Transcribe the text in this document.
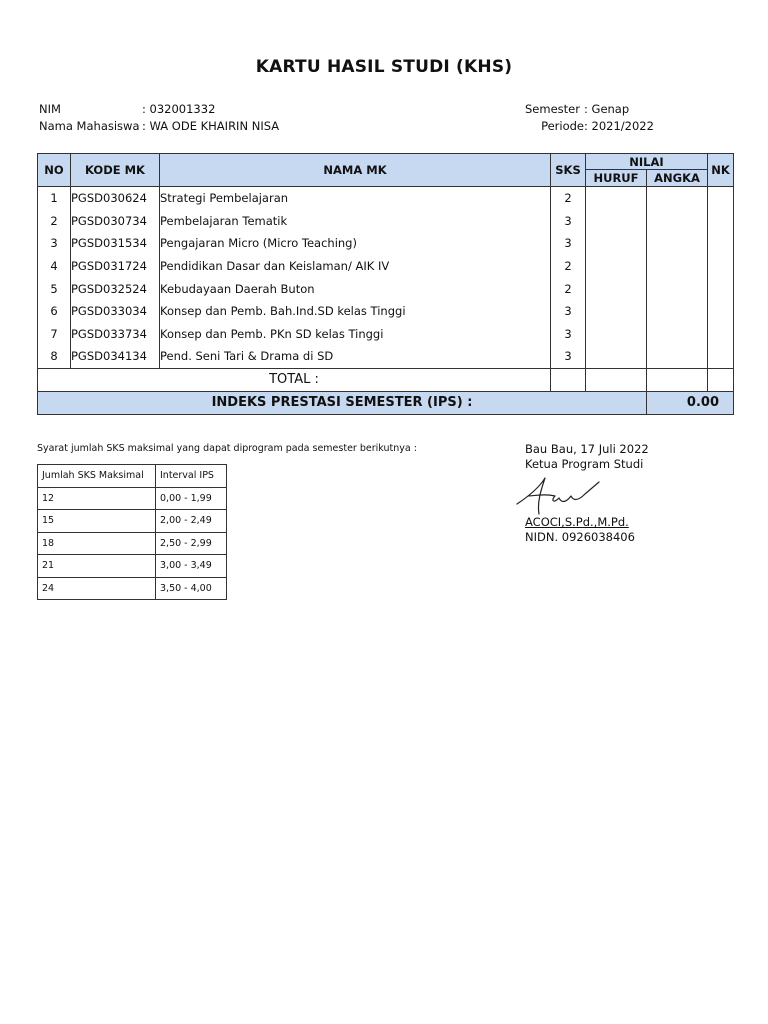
KARTU HASIL STUDI (KHS)
NIM	: 032001332
Nama Mahasiswa : WA ODE KHAIRIN NISA
Semester : Genap
Periode: 2021/2022
NO	KODE MK	NAMA MK	SKS	NILAI		NK
				HURUF	ANGKA	
1	PGSD030624	Strategi Pembelajaran	2			
2	PGSD030734	Pembelajaran Tematik	3			
3	PGSD031534	Pengajaran Micro (Micro Teaching)	3			
4	PGSD031724	Pendidikan Dasar dan Keislaman/ AIK IV	2			
5	PGSD032524	Kebudayaan Daerah Buton	2			
6	PGSD033034	Konsep dan Pemb. Bah.Ind.SD kelas Tinggi	3			
7	PGSD033734	Konsep dan Pemb. PKn SD kelas Tinggi	3			
8	PGSD034134	Pend. Seni Tari & Drama di SD	3			
TOTAL :						
INDEKS PRESTASI SEMESTER (IPS) :					0.00	
Syarat jumlah SKS maksimal yang dapat diprogram pada semester berikutnya :
Jumlah SKS Maksimal	Interval IPS
12	0,00 - 1,99
15	2,00 - 2,49
18	2,50 - 2,99
21	3,00 - 3,49
24	3,50 - 4,00
Bau Bau, 17 Juli 2022
Ketua Program Studi
ACOCI,S.Pd.,M.Pd.
NIDN. 0926038406
